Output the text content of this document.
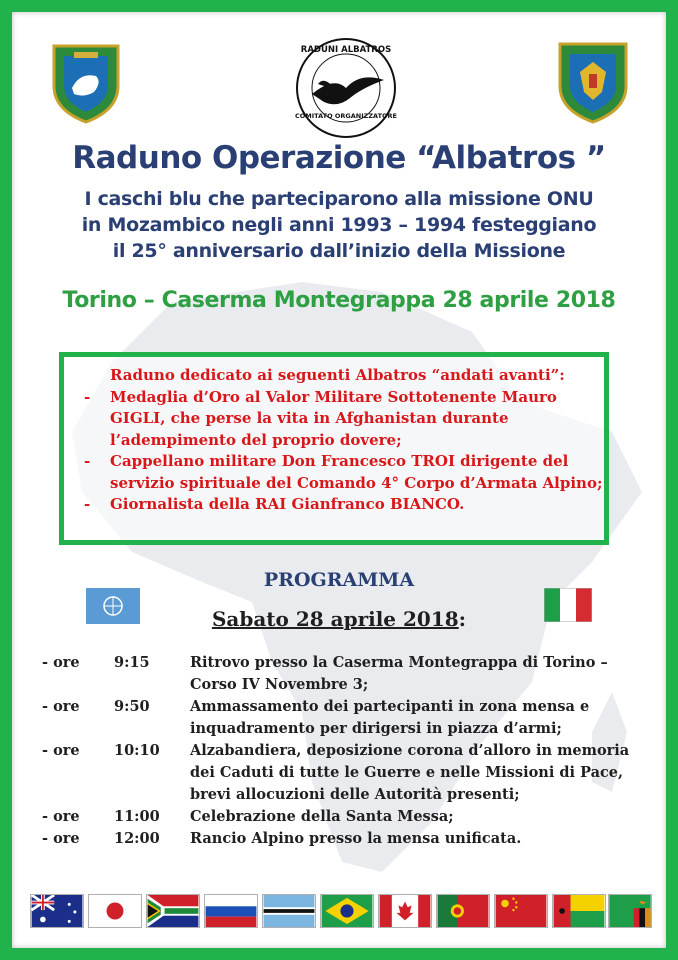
RADUNI ALBATROS
COMITATO ORGANIZZATORE
Raduno Operazione “Albatros ”
I caschi blu che parteciparono alla missione ONU
in Mozambico negli anni 1993 – 1994 festeggiano
il 25° anniversario dall’inizio della Missione
Torino – Caserma Montegrappa 28 aprile 2018
Raduno dedicato ai seguenti Albatros “andati avanti”:
- Medaglia d’Oro al Valor Militare Sottotenente Mauro
GIGLI, che perse la vita in Afghanistan durante
l’adempimento del proprio dovere;
- Cappellano militare Don Francesco TROI dirigente del
servizio spirituale del Comando 4° Corpo d’Armata Alpino;
- Giornalista della RAI Gianfranco BIANCO.
PROGRAMMA
Sabato 28 aprile 2018:
- ore	9:15	Ritrovo presso la Caserma Montegrappa di Torino –
Corso IV Novembre 3;
- ore	9:50	Ammassamento dei partecipanti in zona mensa e
inquadramento per dirigersi in piazza d’armi;
- ore	10:10	Alzabandiera, deposizione corona d’alloro in memoria
dei Caduti di tutte le Guerre e nelle Missioni di Pace,
brevi allocuzioni delle Autorità presenti;
- ore	11:00	Celebrazione della Santa Messa;
- ore	12:00	Rancio Alpino presso la mensa unificata.
